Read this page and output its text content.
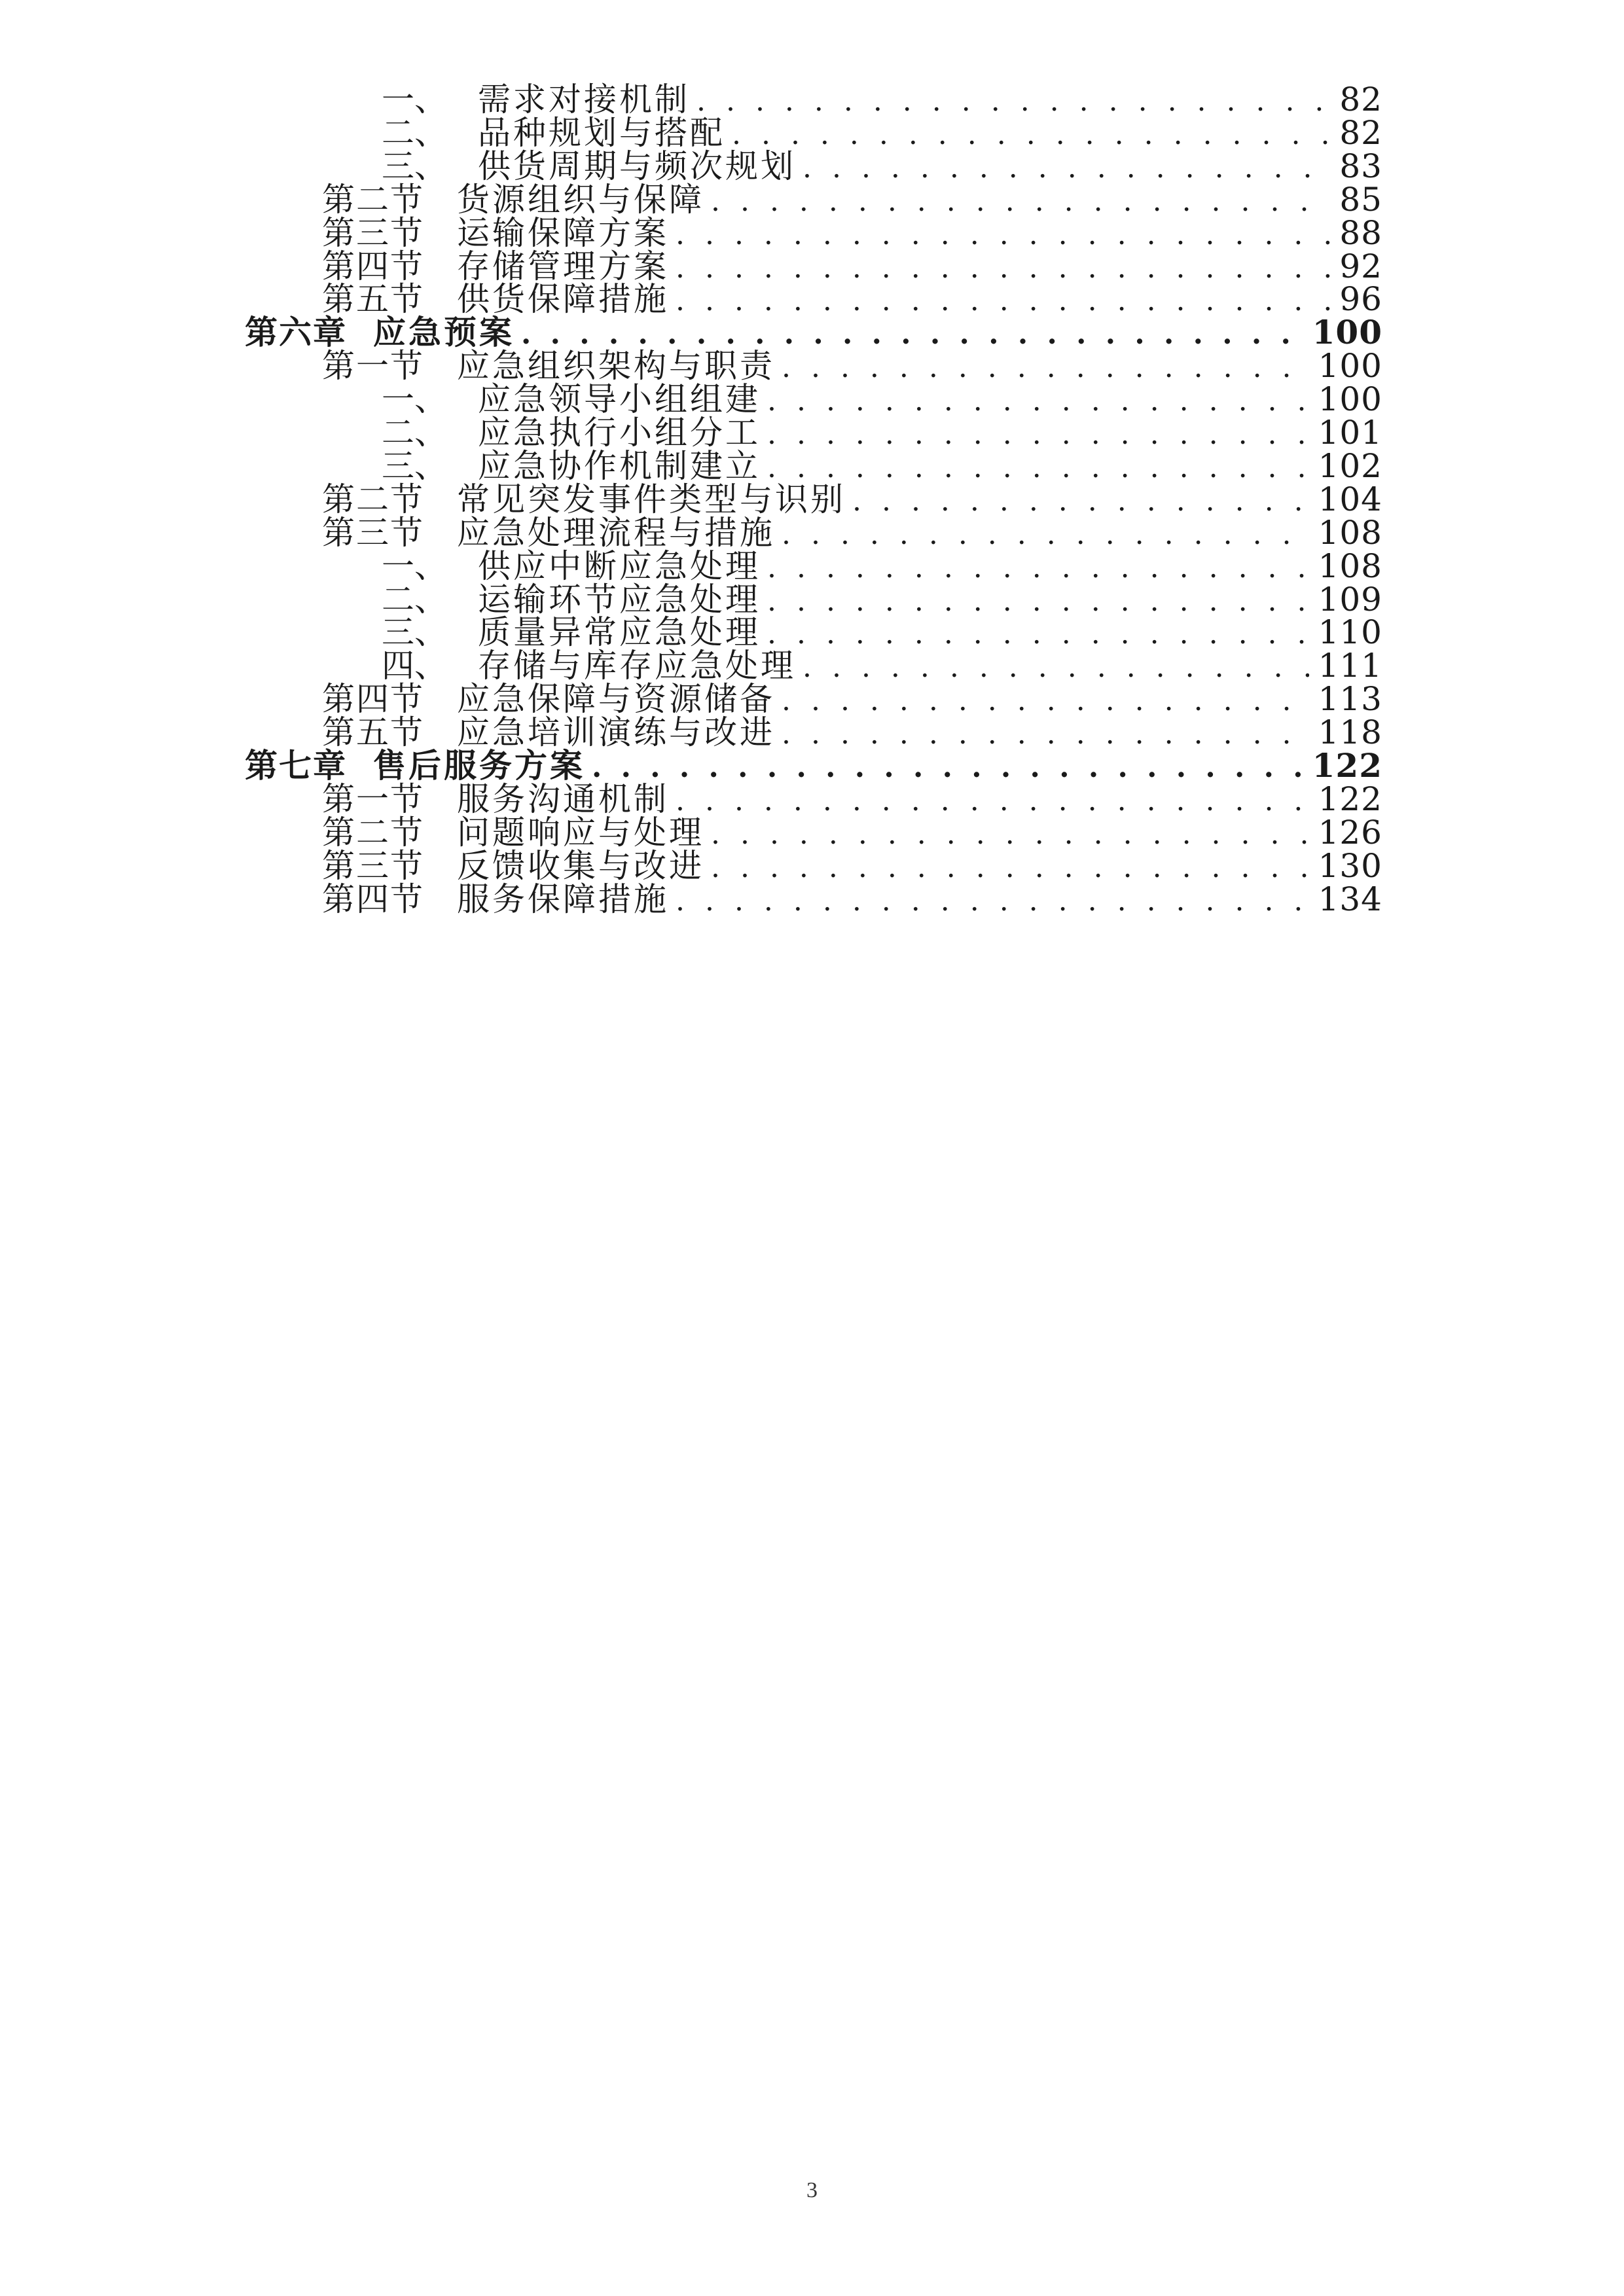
一、 需求对接机制 . . .	82
二、 品种规划与搭配 . . .	82
三、 供货周期与频次规划 . . .	83
第二节	货源组织与保障 . . .	85
第三节	运输保障方案 . . .	88
第四节	存储管理方案 . . .	92
第五节	供货保障措施 . . .	96
第六章 应急预案 . . .	100
第一节	应急组织架构与职责 . . .	100
一、 应急领导小组组建 . . .	100
二、 应急执行小组分工 . . .	101
三、 应急协作机制建立 . . .	102
第二节	常见突发事件类型与识别 . . .	104
第三节	应急处理流程与措施 . . .	108
一、 供应中断应急处理 . . .	108
二、 运输环节应急处理 . . .	109
三、 质量异常应急处理 . . .	110
四、 存储与库存应急处理 . . .	111
第四节	应急保障与资源储备 . . .	113
第五节	应急培训演练与改进 . . .	118
第七章 售后服务方案 . . .	122
第一节	服务沟通机制 . . .	122
第二节	问题响应与处理 . . .	126
第三节	反馈收集与改进 . . .	130
第四节	服务保障措施 . . .	134
3
